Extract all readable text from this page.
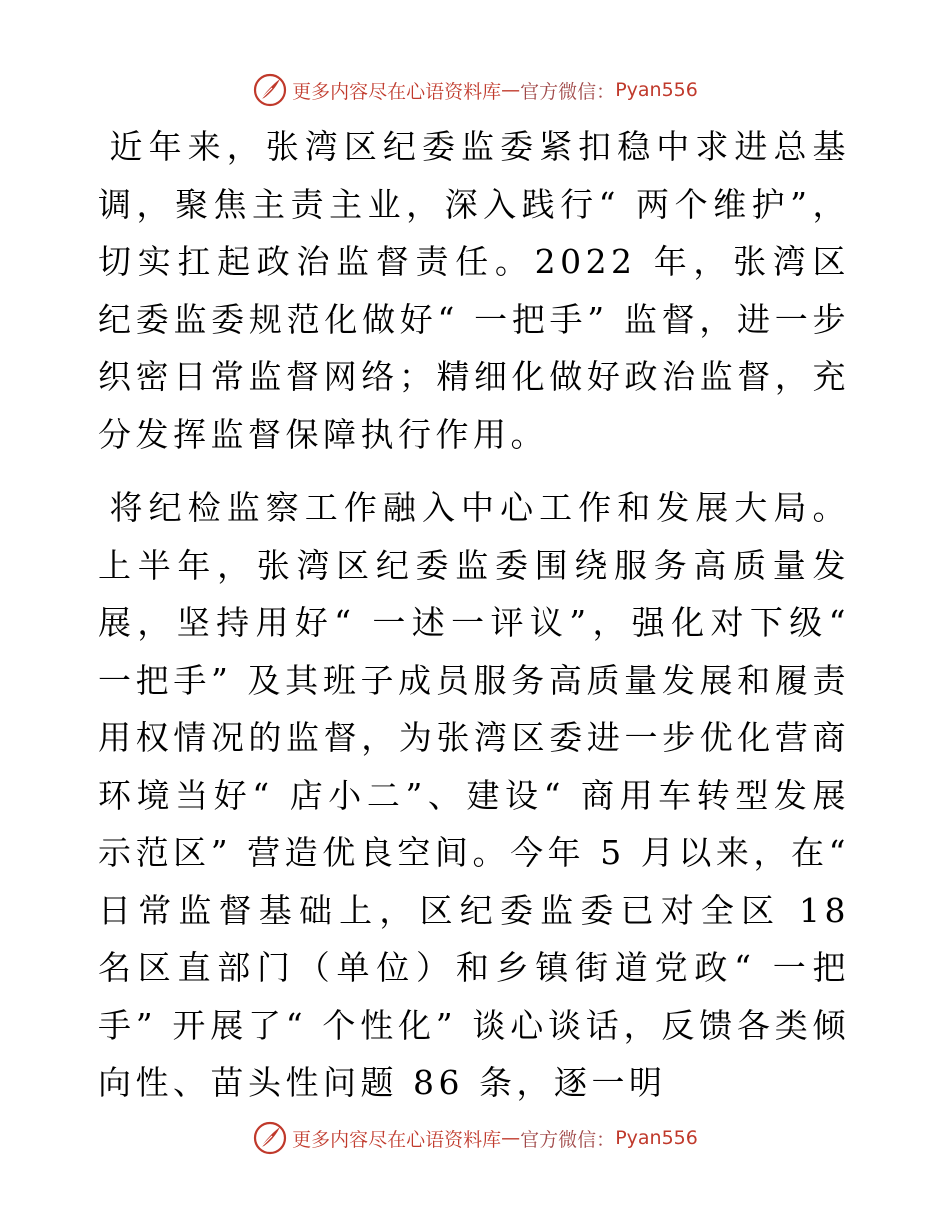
更多内容尽在心语资料库 — 官方微信： Pyan556

近年来，张湾区纪委监委紧扣稳中求进总基调，聚焦主责主业，深入践行“ 两个维护”，切实扛起政治监督责任。2022 年，张湾区纪委监委规范化做好“ 一把手” 监督，进一步织密日常监督网络；精细化做好政治监督，充分发挥监督保障执行作用。

将纪检监察工作融入中心工作和发展大局。上半年，张湾区纪委监委围绕服务高质量发展，坚持用好“ 一述一评议”，强化对下级“ 一把手” 及其班子成员服务高质量发展和履责用权情况的监督，为张湾区委进一步优化营商环境当好“ 店小二”、建设“ 商用车转型发展示范区” 营造优良空间。今年 5 月以来，在“ 日常监督基础上，区纪委监委已对全区 18 名区直部门（单位）和乡镇街道党政“ 一把手” 开展了“ 个性化” 谈心谈话，反馈各类倾向性、苗头性问题 86 条，逐一明

更多内容尽在心语资料库 — 官方微信： Pyan556
